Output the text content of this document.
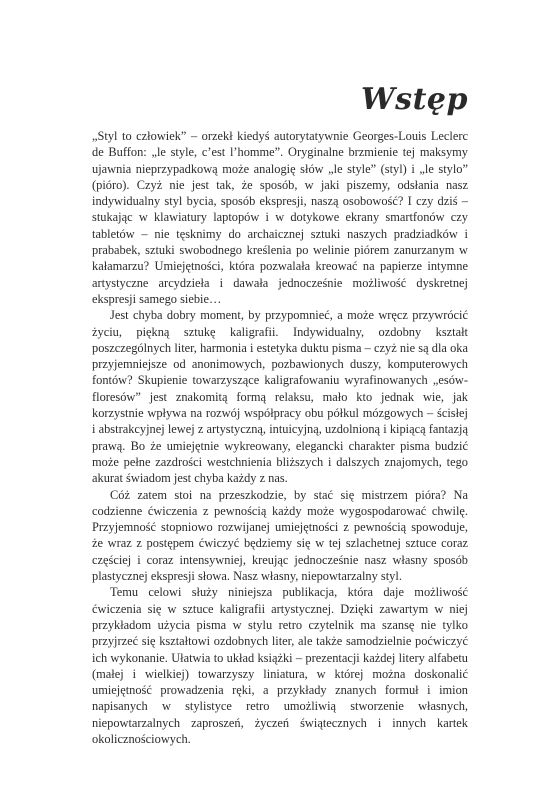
Wstęp

„Styl to człowiek” – orzekł kiedyś autorytatywnie Georges-Louis Leclerc de Buffon: „le style, c’est l’homme”. Oryginalne brzmienie tej maksymy ujawnia nieprzypadkową może analogię słów „le style” (styl) i „le stylo” (pióro). Czyż nie jest tak, że sposób, w jaki piszemy, odsłania nasz indywidualny styl bycia, sposób ekspresji, naszą osobowość? I czy dziś – stukając w klawiatury laptopów i w dotykowe ekrany smartfonów czy tabletów – nie tęsknimy do archaicznej sztuki naszych pradziadków i prababek, sztuki swobodnego kreślenia po welinie piórem zanurzanym w kałamarzu? Umiejętności, która pozwalała kreować na papierze intymne artystyczne arcydzieła i dawała jednocześnie możliwość dyskretnej ekspresji samego siebie…

Jest chyba dobry moment, by przypomnieć, a może wręcz przywrócić życiu, piękną sztukę kaligrafii. Indywidualny, ozdobny kształt poszczególnych liter, harmonia i estetyka duktu pisma – czyż nie są dla oka przyjemniejsze od anonimowych, pozbawionych duszy, komputerowych fontów? Skupienie towarzyszące kaligrafowaniu wyrafinowanych „esów-floresów” jest znakomitą formą relaksu, mało kto jednak wie, jak korzystnie wpływa na rozwój współpracy obu półkul mózgowych – ścisłej i abstrakcyjnej lewej z artystyczną, intuicyjną, uzdolnioną i kipiącą fantazją prawą. Bo że umiejętnie wykreowany, elegancki charakter pisma budzić może pełne zazdrości westchnienia bliższych i dalszych znajomych, tego akurat świadom jest chyba każdy z nas.

Cóż zatem stoi na przeszkodzie, by stać się mistrzem pióra? Na codzienne ćwiczenia z pewnością każdy może wygospodarować chwilę. Przyjemność stopniowo rozwijanej umiejętności z pewnością spowoduje, że wraz z postępem ćwiczyć będziemy się w tej szlachetnej sztuce coraz częściej i coraz intensywniej, kreując jednocześnie nasz własny sposób plastycznej ekspresji słowa. Nasz własny, niepowtarzalny styl.

Temu celowi służy niniejsza publikacja, która daje możliwość ćwiczenia się w sztuce kaligrafii artystycznej. Dzięki zawartym w niej przykładom użycia pisma w stylu retro czytelnik ma szansę nie tylko przyjrzeć się kształtowi ozdobnych liter, ale także samodzielnie poćwiczyć ich wykonanie. Ułatwia to układ książki – prezentacji każdej litery alfabetu (małej i wielkiej) towarzyszy liniatura, w której można doskonalić umiejętność prowadzenia ręki, a przykłady znanych formuł i imion napisanych w stylistyce retro umożliwią stworzenie własnych, niepowtarzalnych zaproszeń, życzeń świątecznych i innych kartek okolicznościowych.
